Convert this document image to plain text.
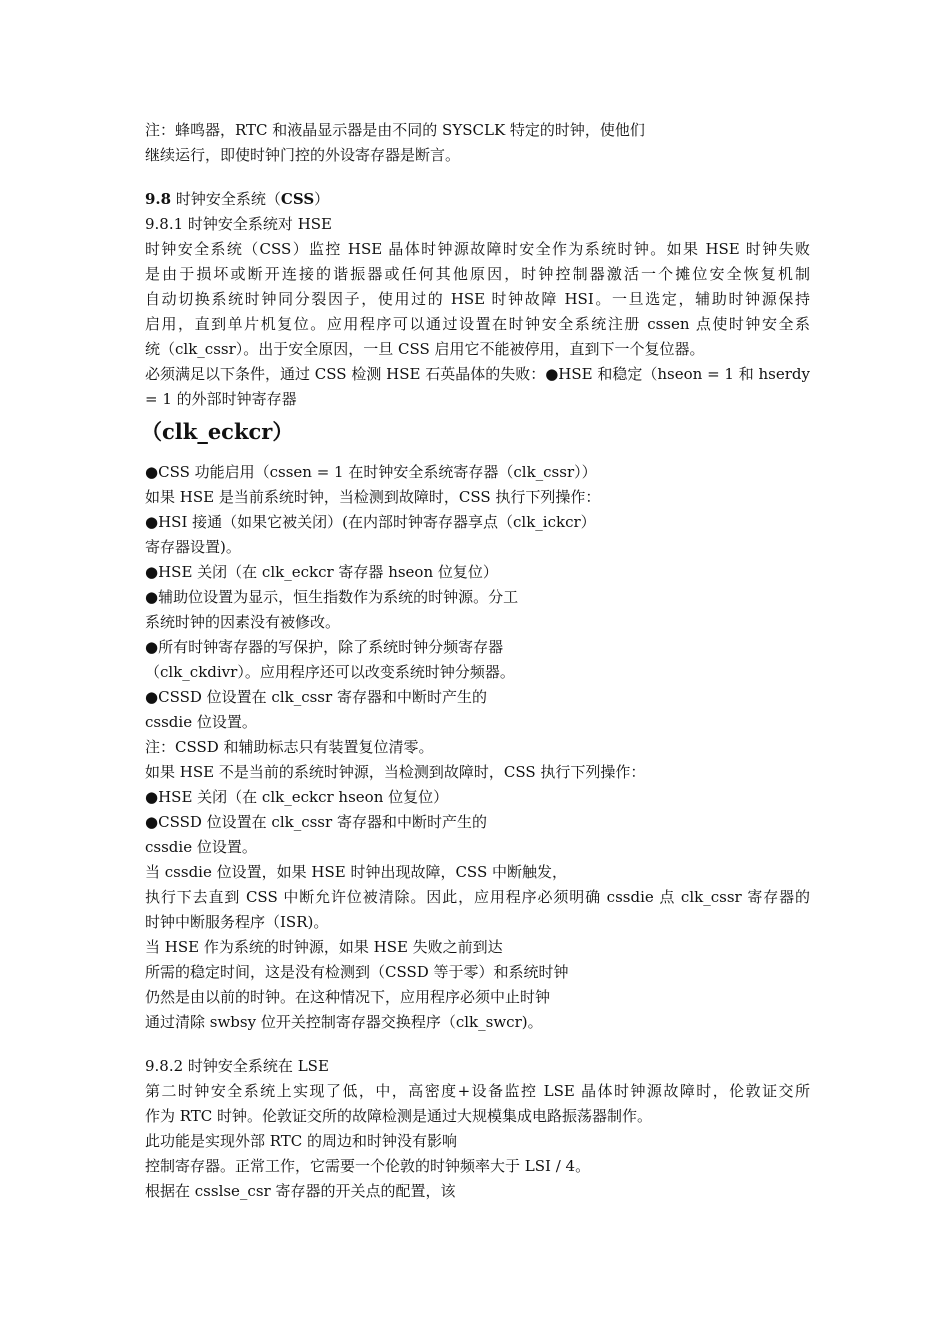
注：蜂鸣器，RTC 和液晶显示器是由不同的 SYSCLK 特定的时钟，使他们
继续运行，即使时钟门控的外设寄存器是断言。
9.8 时钟安全系统（CSS）
9.8.1 时钟安全系统对 HSE
时钟安全系统（CSS）监控 HSE 晶体时钟源故障时安全作为系统时钟。如果 HSE 时钟失败
是由于损坏或断开连接的谐振器或任何其他原因，时钟控制器激活一个摊位安全恢复机制
自动切换系统时钟同分裂因子，使用过的 HSE 时钟故障 HSI。一旦选定，辅助时钟源保持
启用，直到单片机复位。应用程序可以通过设置在时钟安全系统注册 cssen 点使时钟安全系
统（clk_cssr）。出于安全原因，一旦 CSS 启用它不能被停用，直到下一个复位器。
必须满足以下条件，通过 CSS 检测 HSE 石英晶体的失败：●HSE 和稳定（hseon = 1 和 hserdy
= 1 的外部时钟寄存器
（clk_eckcr）
●CSS 功能启用（cssen = 1 在时钟安全系统寄存器（clk_cssr））
如果 HSE 是当前系统时钟，当检测到故障时，CSS 执行下列操作：
●HSI 接通（如果它被关闭）(在内部时钟寄存器享点（clk_ickcr）
寄存器设置)。
●HSE 关闭（在 clk_eckcr 寄存器 hseon 位复位）
●辅助位设置为显示，恒生指数作为系统的时钟源。分工
系统时钟的因素没有被修改。
●所有时钟寄存器的写保护，除了系统时钟分频寄存器
（clk_ckdivr）。应用程序还可以改变系统时钟分频器。
●CSSD 位设置在 clk_cssr 寄存器和中断时产生的
cssdie 位设置。
注：CSSD 和辅助标志只有装置复位清零。
如果 HSE 不是当前的系统时钟源，当检测到故障时，CSS 执行下列操作：
●HSE 关闭（在 clk_eckcr hseon 位复位）
●CSSD 位设置在 clk_cssr 寄存器和中断时产生的
cssdie 位设置。
当 cssdie 位设置，如果 HSE 时钟出现故障，CSS 中断触发，
执行下去直到 CSS 中断允许位被清除。因此，应用程序必须明确 cssdie 点 clk_cssr 寄存器的
时钟中断服务程序（ISR)。
当 HSE 作为系统的时钟源，如果 HSE 失败之前到达
所需的稳定时间，这是没有检测到（CSSD 等于零）和系统时钟
仍然是由以前的时钟。在这种情况下，应用程序必须中止时钟
通过清除 swbsy 位开关控制寄存器交换程序（clk_swcr)。
9.8.2 时钟安全系统在 LSE
第二时钟安全系统上实现了低，中，高密度+设备监控 LSE 晶体时钟源故障时，伦敦证交所
作为 RTC 时钟。伦敦证交所的故障检测是通过大规模集成电路振荡器制作。
此功能是实现外部 RTC 的周边和时钟没有影响
控制寄存器。正常工作，它需要一个伦敦的时钟频率大于 LSI / 4。
根据在 csslse_csr 寄存器的开关点的配置，该
